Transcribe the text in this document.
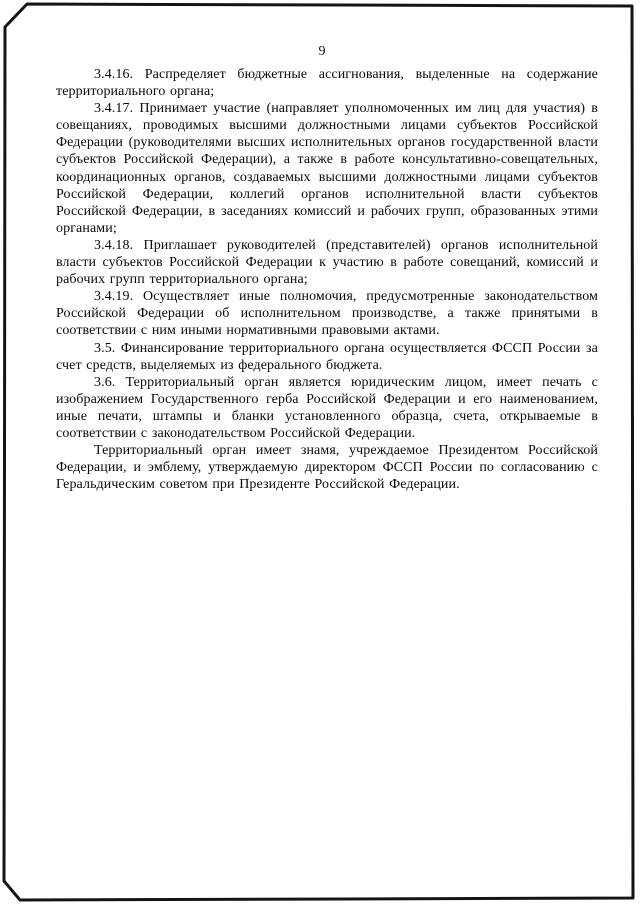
9

3.4.16. Распределяет бюджетные ассигнования, выделенные на содержание территориального органа;

3.4.17. Принимает участие (направляет уполномоченных им лиц для участия) в совещаниях, проводимых высшими должностными лицами субъектов Российской Федерации (руководителями высших исполнительных органов государственной власти субъектов Российской Федерации), а также в работе консультативно-совещательных, координационных органов, создаваемых высшими должностными лицами субъектов Российской Федерации, коллегий органов исполнительной власти субъектов Российской Федерации, в заседаниях комиссий и рабочих групп, образованных этими органами;

3.4.18. Приглашает руководителей (представителей) органов исполнительной власти субъектов Российской Федерации к участию в работе совещаний, комиссий и рабочих групп территориального органа;

3.4.19. Осуществляет иные полномочия, предусмотренные законодательством Российской Федерации об исполнительном производстве, а также принятыми в соответствии с ним иными нормативными правовыми актами.

3.5. Финансирование территориального органа осуществляется ФССП России за счет средств, выделяемых из федерального бюджета.

3.6. Территориальный орган является юридическим лицом, имеет печать с изображением Государственного герба Российской Федерации и его наименованием, иные печати, штампы и бланки установленного образца, счета, открываемые в соответствии с законодательством Российской Федерации.

Территориальный орган имеет знамя, учреждаемое Президентом Российской Федерации, и эмблему, утверждаемую директором ФССП России по согласованию с Геральдическим советом при Президенте Российской Федерации.
